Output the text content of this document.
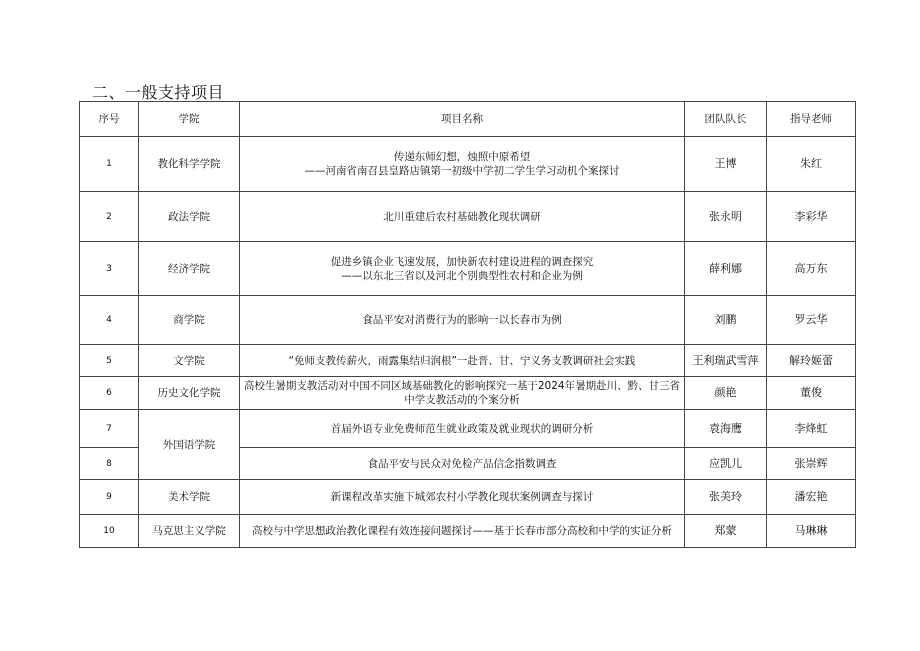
二、一般支持项目
序号	学院	项目名称	团队队长	指导老师
1	教化科学学院	传递东师幻想，烛照中原希望
——河南省南召县皇路店镇第一初级中学初二学生学习动机个案探讨	王博	朱红
2	政法学院	北川重建后农村基础教化现状调研	张永明	李彩华
3	经济学院	促进乡镇企业飞速发展，加快新农村建设进程的调查探究
——以东北三省以及河北个别典型性农村和企业为例	薛利娜	高万东
4	商学院	食品平安对消费行为的影响一以长春市为例	刘鹏	罗云华
5	文学院	“免师支教传薪火，雨露集结归润根”一赴晋、甘、宁义务支教调研社会实践	王利瑞武雪萍	解玲姬蕾
6	历史文化学院	高校生暑期支教活动对中国不同区域基础教化的影响探究一基于2024年暑期赴川、黔、甘三省中学支教活动的个案分析	颜艳	董俊
7	外国语学院	首届外语专业免费师范生就业政策及就业现状的调研分析	袁海鹰	李烽虹
8		食品平安与民众对免检产品信念指数调查	应凯儿	张崇辉
9	美术学院	新课程改革实施下城郊农村小学教化现状案例调查与探讨	张美玲	潘宏艳
10	马克思主义学院	高校与中学思想政治教化课程有效连接问题探讨——基于长春市部分高校和中学的实证分析	郑蒙	马琳琳
